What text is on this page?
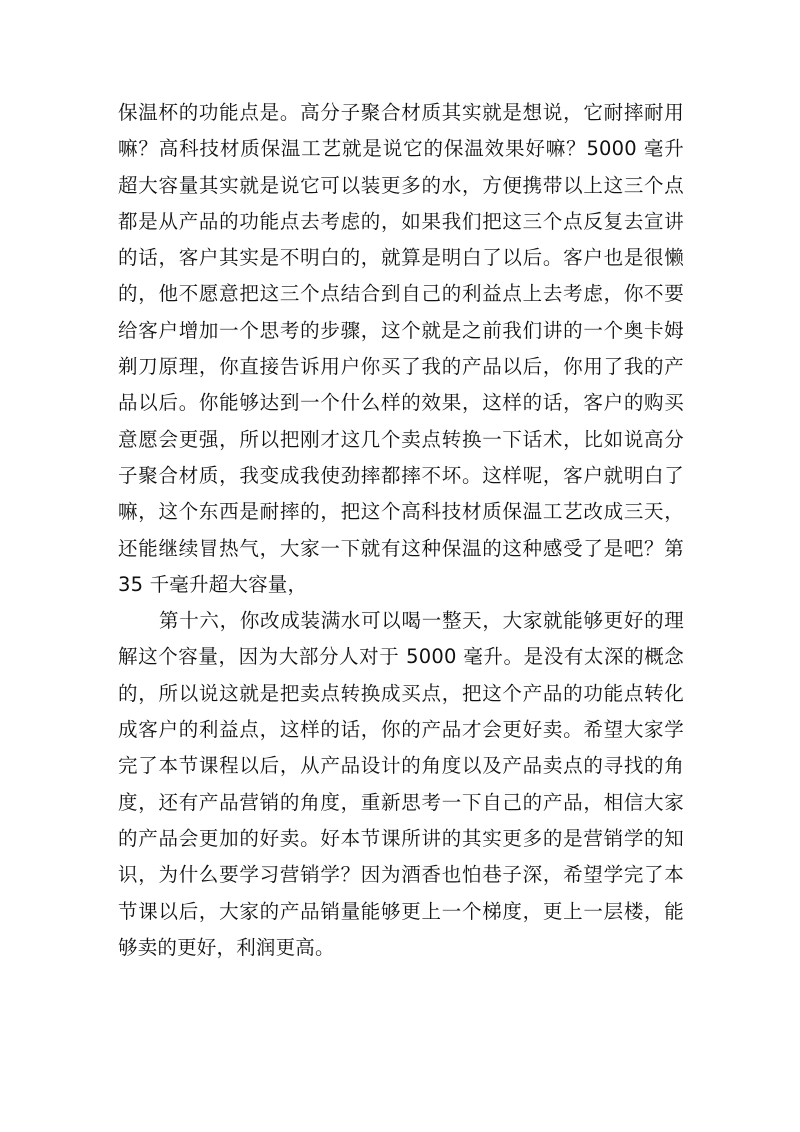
保温杯的功能点是。高分子聚合材质其实就是想说，它耐摔耐用嘛？高科技材质保温工艺就是说它的保温效果好嘛？5000 毫升超大容量其实就是说它可以装更多的水，方便携带以上这三个点都是从产品的功能点去考虑的，如果我们把这三个点反复去宣讲的话，客户其实是不明白的，就算是明白了以后。客户也是很懒的，他不愿意把这三个点结合到自己的利益点上去考虑，你不要给客户增加一个思考的步骤，这个就是之前我们讲的一个奥卡姆剃刀原理，你直接告诉用户你买了我的产品以后，你用了我的产品以后。你能够达到一个什么样的效果，这样的话，客户的购买意愿会更强，所以把刚才这几个卖点转换一下话术，比如说高分子聚合材质，我变成我使劲摔都摔不坏。这样呢，客户就明白了嘛，这个东西是耐摔的，把这个高科技材质保温工艺改成三天，还能继续冒热气，大家一下就有这种保温的这种感受了是吧？第 35 千毫升超大容量，

第十六，你改成装满水可以喝一整天，大家就能够更好的理解这个容量，因为大部分人对于 5000 毫升。是没有太深的概念的，所以说这就是把卖点转换成买点，把这个产品的功能点转化成客户的利益点，这样的话，你的产品才会更好卖。希望大家学完了本节课程以后，从产品设计的角度以及产品卖点的寻找的角度，还有产品营销的角度，重新思考一下自己的产品，相信大家的产品会更加的好卖。好本节课所讲的其实更多的是营销学的知识，为什么要学习营销学？因为酒香也怕巷子深，希望学完了本节课以后，大家的产品销量能够更上一个梯度，更上一层楼，能够卖的更好，利润更高。
